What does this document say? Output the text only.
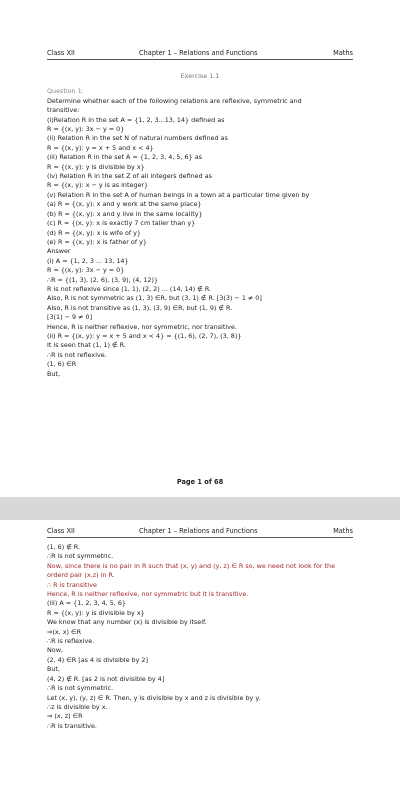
Class XII	Chapter 1 – Relations and Functions	Maths
Exercise 1.1
Question 1:
Determine whether each of the following relations are reflexive, symmetric and
transitive:
(i)Relation R in the set A = {1, 2, 3...13, 14} defined as
R = {(x, y): 3x − y = 0}
(ii) Relation R in the set N of natural numbers defined as
R = {(x, y): y = x + 5 and x < 4}
(iii) Relation R in the set A = {1, 2, 3, 4, 5, 6} as
R = {(x, y): y is divisible by x}
(iv) Relation R in the set Z of all integers defined as
R = {(x, y): x − y is as integer}
(v) Relation R in the set A of human beings in a town at a particular time given by
(a) R = {(x, y): x and y work at the same place}
(b) R = {(x, y): x and y live in the same locality}
(c) R = {(x, y): x is exactly 7 cm taller than y}
(d) R = {(x, y): x is wife of y}
(e) R = {(x, y): x is father of y}
Answer
(i) A = {1, 2, 3 ... 13, 14}
R = {(x, y): 3x − y = 0}
∴R = {(1, 3), (2, 6), (3, 9), (4, 12)}
R is not reflexive since (1, 1), (2, 2) ... (14, 14) ∉ R.
Also, R is not symmetric as (1, 3) ∈R, but (3, 1) ∉ R. [3(3) − 1 ≠ 0]
Also, R is not transitive as (1, 3), (3, 9) ∈R, but (1, 9) ∉ R.
[3(1) − 9 ≠ 0]
Hence, R is neither reflexive, nor symmetric, nor transitive.
(ii) R = {(x, y): y = x + 5 and x < 4} = {(1, 6), (2, 7), (3, 8)}
It is seen that (1, 1) ∉ R.
∴R is not reflexive.
(1, 6) ∈R
But,
Page 1 of 68
Class XII	Chapter 1 – Relations and Functions	Maths
(1, 6) ∉ R.
∴R is not symmetric.
Now, since there is no pair in R such that (x, y) and (y, z) ∈ R so, we need not look for the orderd pair (x,z) in R.
∴ R is transitive
Hence, R is neither reflexive, nor symmetric but it is transitive.
(iii) A = {1, 2, 3, 4, 5, 6}
R = {(x, y): y is divisible by x}
We know that any number (x) is divisible by itself.
⇒(x, x) ∈R
∴R is reflexive.
Now,
(2, 4) ∈R [as 4 is divisible by 2]
But,
(4, 2) ∉ R. [as 2 is not divisible by 4]
∴R is not symmetric.
Let (x, y), (y, z) ∈ R. Then, y is divisible by x and z is divisible by y.
∴z is divisible by x.
⇒ (x, z) ∈R
∴R is transitive.
